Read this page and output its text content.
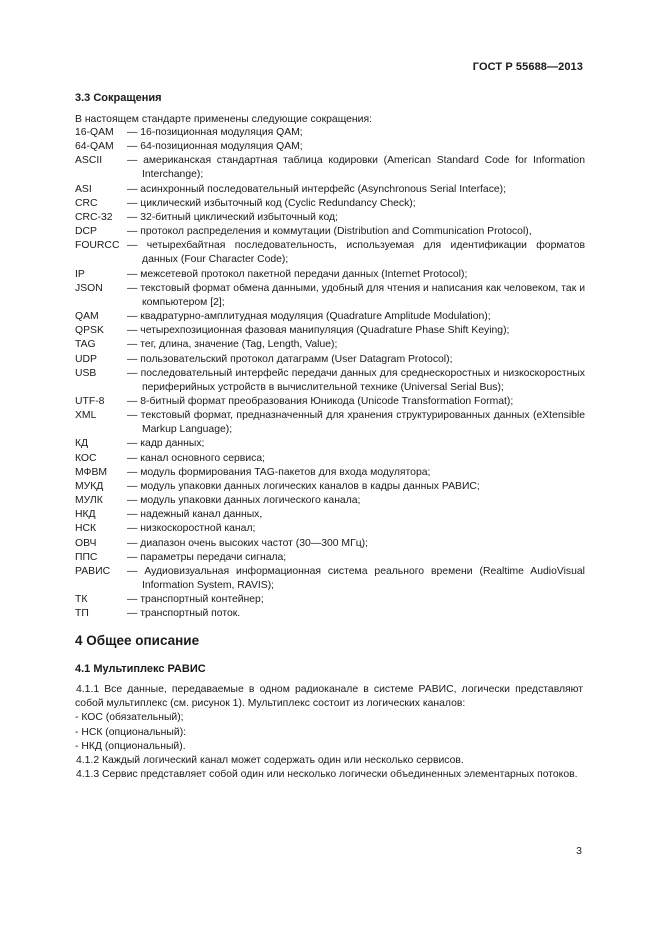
ГОСТ Р 55688—2013
3.3 Сокращения
В настоящем стандарте применены следующие сокращения:
16-QAM	— 16-позиционная модуляция QAM;
64-QAM	— 64-позиционная модуляция QAM;
ASCII	— американская стандартная таблица кодировки (American Standard Code for Information Interchange);
ASI	— асинхронный последовательный интерфейс (Asynchronous Serial Interface);
CRC	— циклический избыточный код (Cyclic Redundancy Check);
CRC-32	— 32-битный циклический избыточный код;
DCP	— протокол распределения и коммутации (Distribution and Communication Protocol),
FOURCC — четырехбайтная последовательность, используемая для идентификации форматов данных (Four Character Code);
IP	— межсетевой протокол пакетной передачи данных (Internet Protocol);
JSON	— текстовый формат обмена данными, удобный для чтения и написания как человеком, так и компьютером [2];
QAM	— квадратурно-амплитудная модуляция (Quadrature Amplitude Modulation);
QPSK	— четырехпозиционная фазовая манипуляция (Quadrature Phase Shift Keying);
TAG	— тег, длина, значение (Tag, Length, Value);
UDP	— пользовательский протокол датаграмм (User Datagram Protocol);
USB	— последовательный интерфейс передачи данных для среднескоростных и низкоскоростных периферийных устройств в вычислительной технике (Universal Serial Bus);
UTF-8	— 8-битный формат преобразования Юникода (Unicode Transformation Format);
XML	— текстовый формат, предназначенный для хранения структурированных данных (eXtensible Markup Language);
КД	— кадр данных;
КОС	— канал основного сервиса;
МФВМ	— модуль формирования TAG-пакетов для входа модулятора;
МУКД	— модуль упаковки данных логических каналов в кадры данных РАВИС;
МУЛК	— модуль упаковки данных логического канала;
НКД	— надежный канал данных,
НСК	— низкоскоростной канал;
ОВЧ	— диапазон очень высоких частот (30—300 МГц);
ППС	— параметры передачи сигнала;
РАВИС	— Аудиовизуальная информационная система реального времени (Realtime AudioVisual Information System, RAVIS);
ТК	— транспортный контейнер;
ТП	— транспортный поток.
4 Общее описание
4.1 Мультиплекс РАВИС
4.1.1 Все данные, передаваемые в одном радиоканале в системе РАВИС, логически представляют собой мультиплекс (см. рисунок 1). Мультиплекс состоит из логических каналов:
- КОС (обязательный);
- НСК (опциональный):
- НКД (опциональный).
4.1.2 Каждый логический канал может содержать один или несколько сервисов.
4.1.3 Сервис представляет собой один или несколько логически объединенных элементарных потоков.
3
